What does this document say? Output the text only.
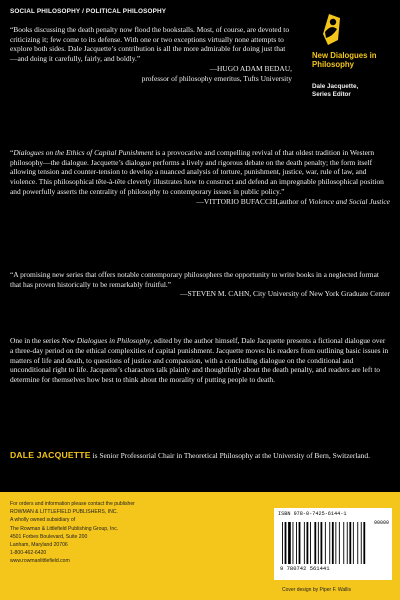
SOCIAL PHILOSOPHY / POLITICAL PHILOSOPHY
New Dialogues in Philosophy
Dale Jacquette,
Series Editor
“Books discussing the death penalty now flood the bookstalls. Most, of course, are devoted to criticizing it; few come to its defense. With one or two exceptions virtually none attempts to explore both sides. Dale Jacquette’s contribution is all the more admirable for doing just that—and doing it carefully, fairly, and boldly.”
—HUGO ADAM BEDAU,
professor of philosophy emeritus, Tufts University
“Dialogues on the Ethics of Capital Punishment is a provocative and compelling revival of that oldest tradition in Western philosophy—the dialogue. Jacquette’s dialogue performs a lively and rigorous debate on the death penalty; the form itself allowing tension and counter-tension to develop a nuanced analysis of torture, punishment, justice, war, rule of law, and violence. This philosophical tête-à-tête cleverly illustrates how to construct and defend an impregnable philosophical position and powerfully asserts the centrality of philosophy to contemporary issues in public policy.”
—VITTORIO BUFACCHI,author of Violence and Social Justice
“A promising new series that offers notable contemporary philosophers the opportunity to write books in a neglected format that has proven historically to be remarkably fruitful.”
—STEVEN M. CAHN, City University of New York Graduate Center
One in the series New Dialogues in Philosophy, edited by the author himself, Dale Jacquette presents a fictional dialogue over a three-day period on the ethical complexities of capital punishment. Jacquette moves his readers from outlining basic issues in matters of life and death, to questions of justice and compassion, with a concluding dialogue on the conditional and unconditional right to life. Jacquette’s characters talk plainly and thoughtfully about the death penalty, and readers are left to determine for themselves how best to think about the morality of putting people to death.
DALE JACQUETTE is Senior Professorial Chair in Theoretical Philosophy at the University of Bern, Switzerland.
For orders and information please contact the publisher
ROWMAN & LITTLEFIELD PUBLISHERS, INC.
A wholly owned subsidiary of
The Rowman & Littlefield Publishing Group, Inc.
4501 Forbes Boulevard, Suite 200
Lanham, Maryland 20706
1-800-462-6420
www.rowmanlittlefield.com
ISBN 978-0-7425-6144-1
90000
9 780742 561441
Cover design by Piper F. Wallis
